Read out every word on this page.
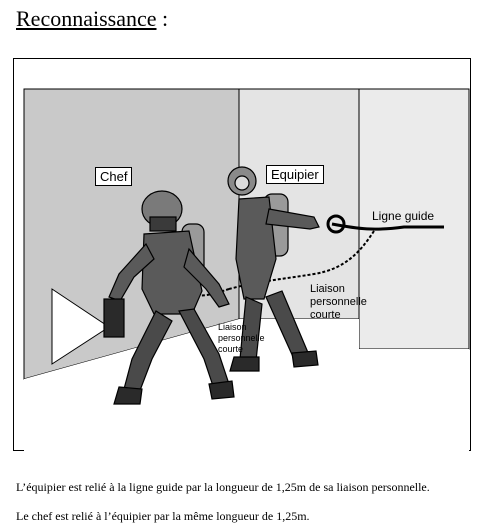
Reconnaissance :
Chef	Equipier
Ligne guide
Liaison
personnelle
courte
Liaison
personnelle
courte
L’équipier est relié à la ligne guide par la longueur de 1,25m de sa liaison personnelle.
Le chef est relié à l’équipier par la même longueur de 1,25m.
